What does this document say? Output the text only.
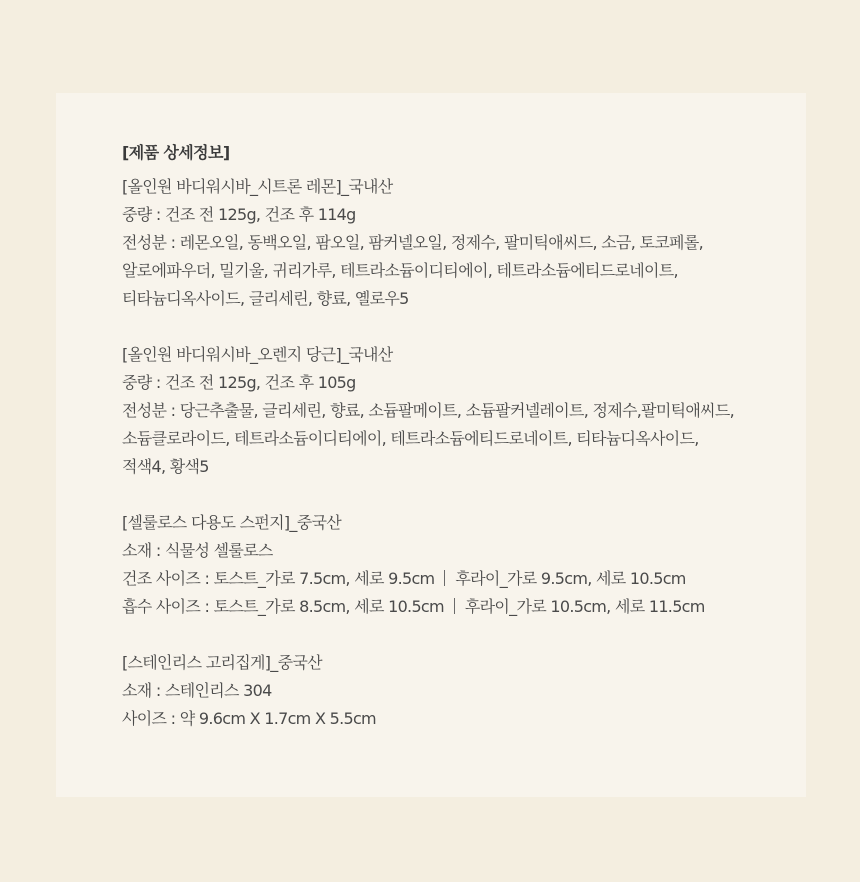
[제품 상세정보]
[올인원 바디워시바_시트론 레몬]_국내산
중량 : 건조 전 125g, 건조 후 114g
전성분 : 레몬오일, 동백오일, 팜오일, 팜커넬오일, 정제수, 팔미틱애씨드, 소금, 토코페롤,
알로에파우더, 밀기울, 귀리가루, 테트라소듐이디티에이, 테트라소듐에티드로네이트,
티타늄디옥사이드, 글리세린, 향료, 옐로우5
[올인원 바디워시바_오렌지 당근]_국내산
중량 : 건조 전 125g, 건조 후 105g
전성분 : 당근추출물, 글리세린, 향료, 소듐팔메이트, 소듐팔커넬레이트, 정제수,팔미틱애씨드,
소듐클로라이드, 테트라소듐이디티에이, 테트라소듐에티드로네이트, 티타늄디옥사이드,
적색4, 황색5
[셀룰로스 다용도 스펀지]_중국산
소재 : 식물성 셀룰로스
건조 사이즈 : 토스트_가로 7.5cm, 세로 9.5cm 후라이_가로 9.5cm, 세로 10.5cm
흡수 사이즈 : 토스트_가로 8.5cm, 세로 10.5cm 후라이_가로 10.5cm, 세로 11.5cm
[스테인리스 고리집게]_중국산
소재 : 스테인리스 304
사이즈 : 약 9.6cm X 1.7cm X 5.5cm
